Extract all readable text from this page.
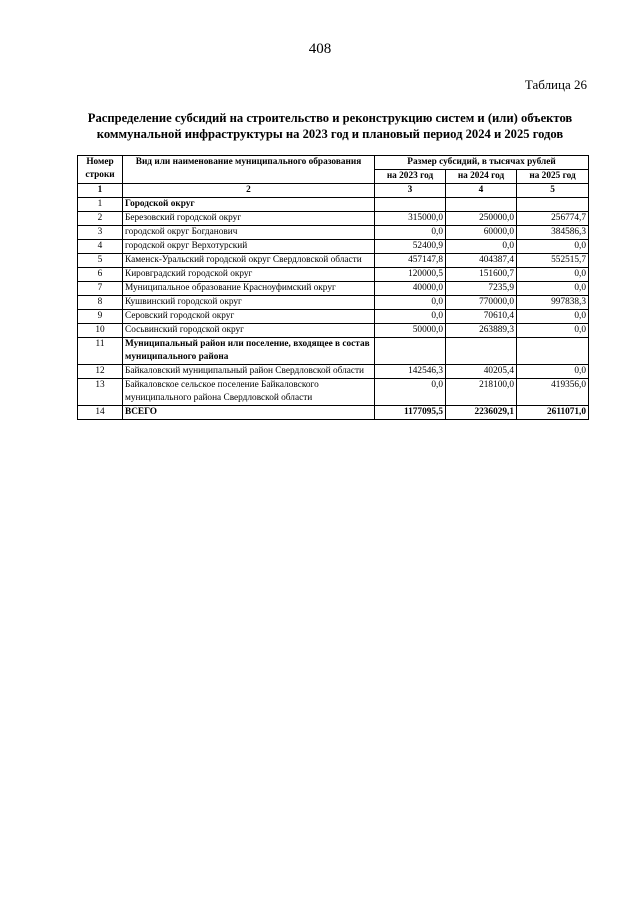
408
Таблица 26
Распределение субсидий на строительство и реконструкцию систем и (или) объектов
коммунальной инфраструктуры на 2023 год и плановый период 2024 и 2025 годов
Номер строки	Вид или наименование муниципального образования	Размер субсидий, в тысячах рублей		
		на 2023 год	на 2024 год	на 2025 год
1	2	3	4	5
1	Городской округ			
2	Березовский городской округ	315000,0	250000,0	256774,7
3	городской округ Богданович	0,0	60000,0	384586,3
4	городской округ Верхотурский	52400,9	0,0	0,0
5	Каменск-Уральский городской округ Свердловской области	457147,8	404387,4	552515,7
6	Кировградский городской округ	120000,5	151600,7	0,0
7	Муниципальное образование Красноуфимский округ	40000,0	7235,9	0,0
8	Кушвинский городской округ	0,0	770000,0	997838,3
9	Серовский городской округ	0,0	70610,4	0,0
10	Сосьвинский городской округ	50000,0	263889,3	0,0
11	Муниципальный район или поселение, входящее в состав муниципального района			
12	Байкаловский муниципальный район Свердловской области	142546,3	40205,4	0,0
13	Байкаловское сельское поселение Байкаловского муниципального района Свердловской области	0,0	218100,0	419356,0
14	ВСЕГО	1177095,5	2236029,1	2611071,0
